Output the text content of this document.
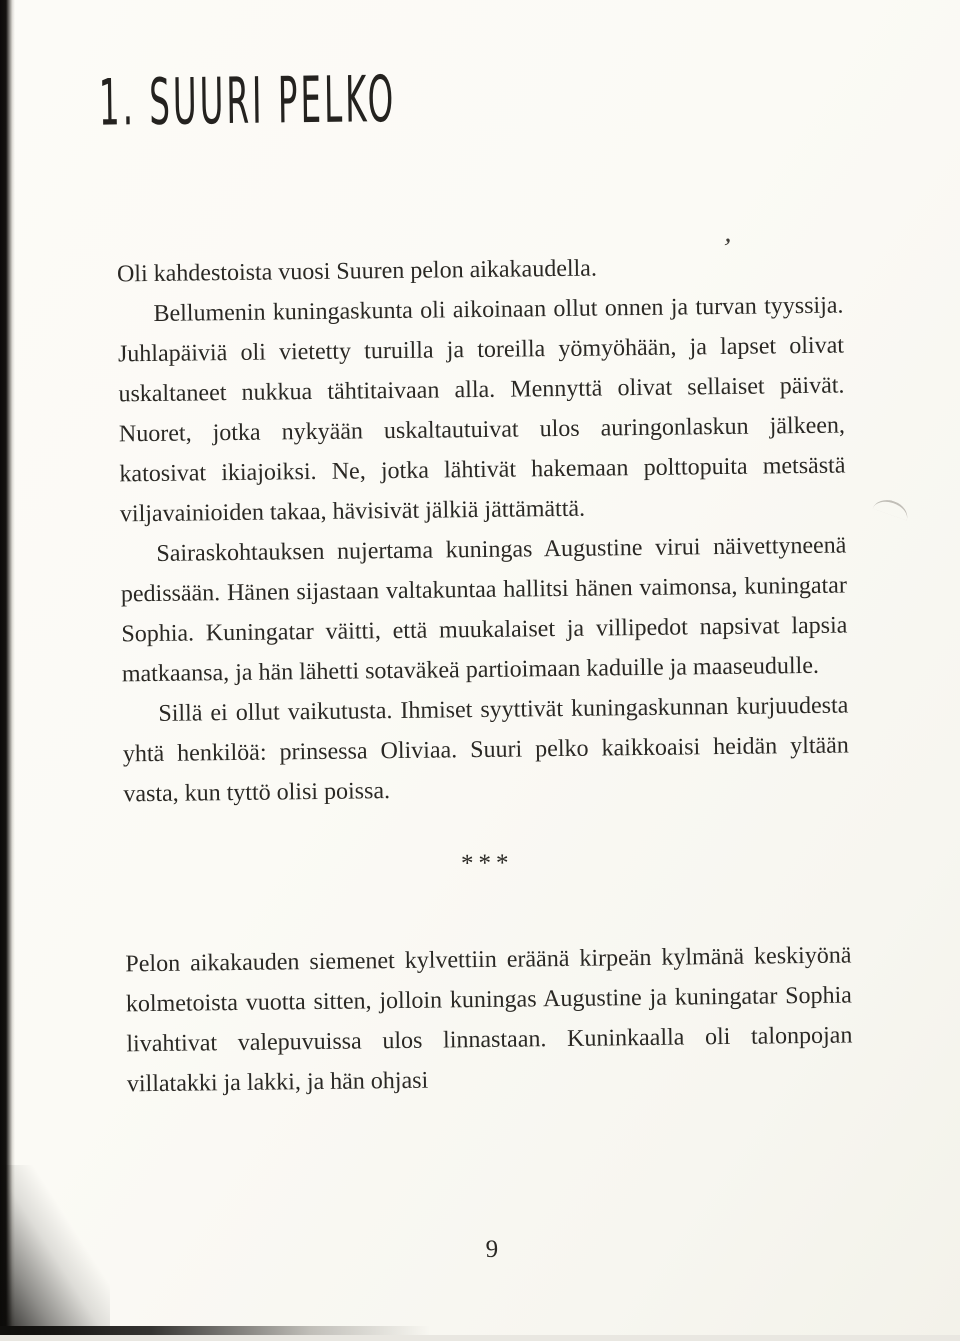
1. SUURI PELKO

Oli kahdestoista vuosi Suuren pelon aikakaudella.

Bellumenin kuningaskunta oli aikoinaan ollut onnen ja turvan tyyssija. Juhlapäiviä oli vietetty turuilla ja toreilla yömyöhään, ja lapset olivat uskaltaneet nukkua tähtitaivaan alla. Mennyttä olivat sellaiset päivät. Nuoret, jotka nykyään uskaltautuivat ulos auringonlaskun jälkeen, katosivat ikiajoiksi. Ne, jotka lähtivät hakemaan polttopuita metsästä viljavainioiden takaa, hävisivät jälkiä jättämättä.

Sairaskohtauksen nujertama kuningas Augustine virui näivettyneenä pedissään. Hänen sijastaan valtakuntaa hallitsi hänen vaimonsa, kuningatar Sophia. Kuningatar väitti, että muukalaiset ja villipedot napsivat lapsia matkaansa, ja hän lähetti sotaväkeä partioimaan kaduille ja maaseudulle.

Sillä ei ollut vaikutusta. Ihmiset syyttivät kuningaskunnan kurjuudesta yhtä henkilöä: prinsessa Oliviaa. Suuri pelko kaikkoaisi heidän yltään vasta, kun tyttö olisi poissa.

***

Pelon aikakauden siemenet kylvettiin eräänä kirpeän kylmänä keskiyönä kolmetoista vuotta sitten, jolloin kuningas Augustine ja kuningatar Sophia livahtivat valepuvuissa ulos linnastaan. Kuninkaalla oli talonpojan villatakki ja lakki, ja hän ohjasi

9
ʼ
